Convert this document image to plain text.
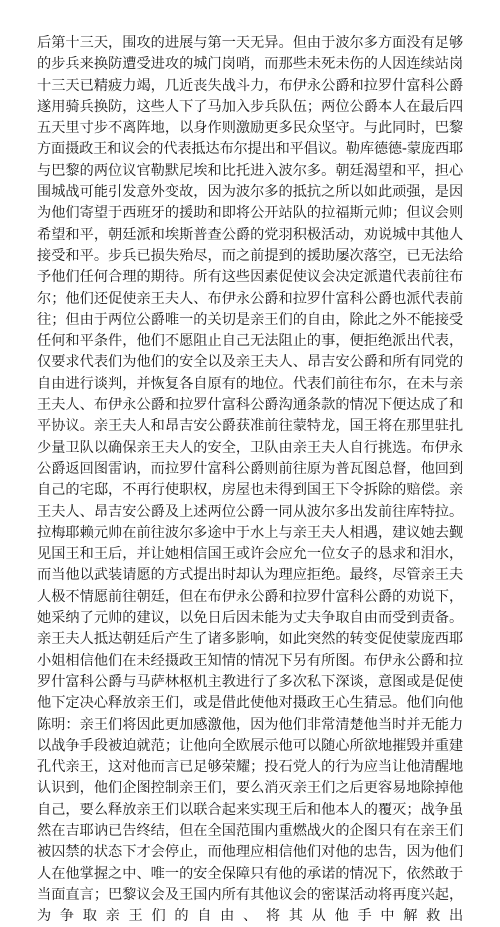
后第十三天，围攻的进展与第一天无异。但由于波尔多方面没有足够的步兵来换防遭受进攻的城门岗哨，而那些未死未伤的人因连续站岗十三天已精疲力竭，几近丧失战斗力，布伊永公爵和拉罗什富科公爵遂用骑兵换防，这些人下了马加入步兵队伍；两位公爵本人在最后四五天里寸步不离阵地，以身作则激励更多民众坚守。与此同时，巴黎方面摄政王和议会的代表抵达布尔提出和平倡议。勒库德德-蒙庞西耶与巴黎的两位议官勒默尼埃和比托进入波尔多。朝廷渴望和平，担心围城战可能引发意外变故，因为波尔多的抵抗之所以如此顽强，是因为他们寄望于西班牙的援助和即将公开站队的拉福斯元帅；但议会则希望和平，朝廷派和埃斯普查公爵的党羽积极活动，劝说城中其他人接受和平。步兵已损失殆尽，而之前提到的援助屡次落空，已无法给予他们任何合理的期待。所有这些因素促使议会决定派遣代表前往布尔；他们还促使亲王夫人、布伊永公爵和拉罗什富科公爵也派代表前往；但由于两位公爵唯一的关切是亲王们的自由，除此之外不能接受任何和平条件，他们不愿阻止自己无法阻止的事，便拒绝派出代表，仅要求代表们为他们的安全以及亲王夫人、昂吉安公爵和所有同党的自由进行谈判，并恢复各自原有的地位。代表们前往布尔，在未与亲王夫人、布伊永公爵和拉罗什富科公爵沟通条款的情况下便达成了和平协议。亲王夫人和昂吉安公爵获准前往蒙特龙，国王将在那里驻扎少量卫队以确保亲王夫人的安全，卫队由亲王夫人自行挑选。布伊永公爵返回图雷讷，而拉罗什富科公爵则前往原为普瓦图总督，他回到自己的宅邸，不再行使职权，房屋也未得到国王下令拆除的赔偿。亲王夫人、昂吉安公爵及上述两位公爵一同从波尔多出发前往库特拉。拉梅耶赖元帅在前往波尔多途中于水上与亲王夫人相遇，建议她去觐见国王和王后，并让她相信国王或许会应允一位女子的恳求和泪水，而当他以武装请愿的方式提出时却认为理应拒绝。最终，尽管亲王夫人极不情愿前往朝廷，但在布伊永公爵和拉罗什富科公爵的劝说下，她采纳了元帅的建议，以免日后因未能为丈夫争取自由而受到责备。亲王夫人抵达朝廷后产生了诸多影响，如此突然的转变促使蒙庞西耶小姐相信他们在未经摄政王知情的情况下另有所图。布伊永公爵和拉罗什富科公爵与马萨林枢机主教进行了多次私下深谈，意图或是促使他下定决心释放亲王们，或是借此使他对摄政王心生猜忌。他们向他陈明：亲王们将因此更加感激他，因为他们非常清楚他当时并无能力以战争手段被迫就范；让他向全欧展示他可以随心所欲地摧毁并重建孔代亲王，这对他而言已足够荣耀；投石党人的行为应当让他清醒地认识到，他们企图控制亲王们，要么消灭亲王们之后更容易地除掉他自己，要么释放亲王们以联合起来实现王后和他本人的覆灭；战争虽然在吉耶讷已告终结，但在全国范围内重燃战火的企图只有在亲王们被囚禁的状态下才会停止，而他理应相信他们对他的忠告，因为他们人在他掌握之中、唯一的安全保障只有他的承诺的情况下，依然敢于当面直言；巴黎议会及王国内所有其他议会的密谋活动将再度兴起，为争取亲王们的自由、将其从他手中解救出
